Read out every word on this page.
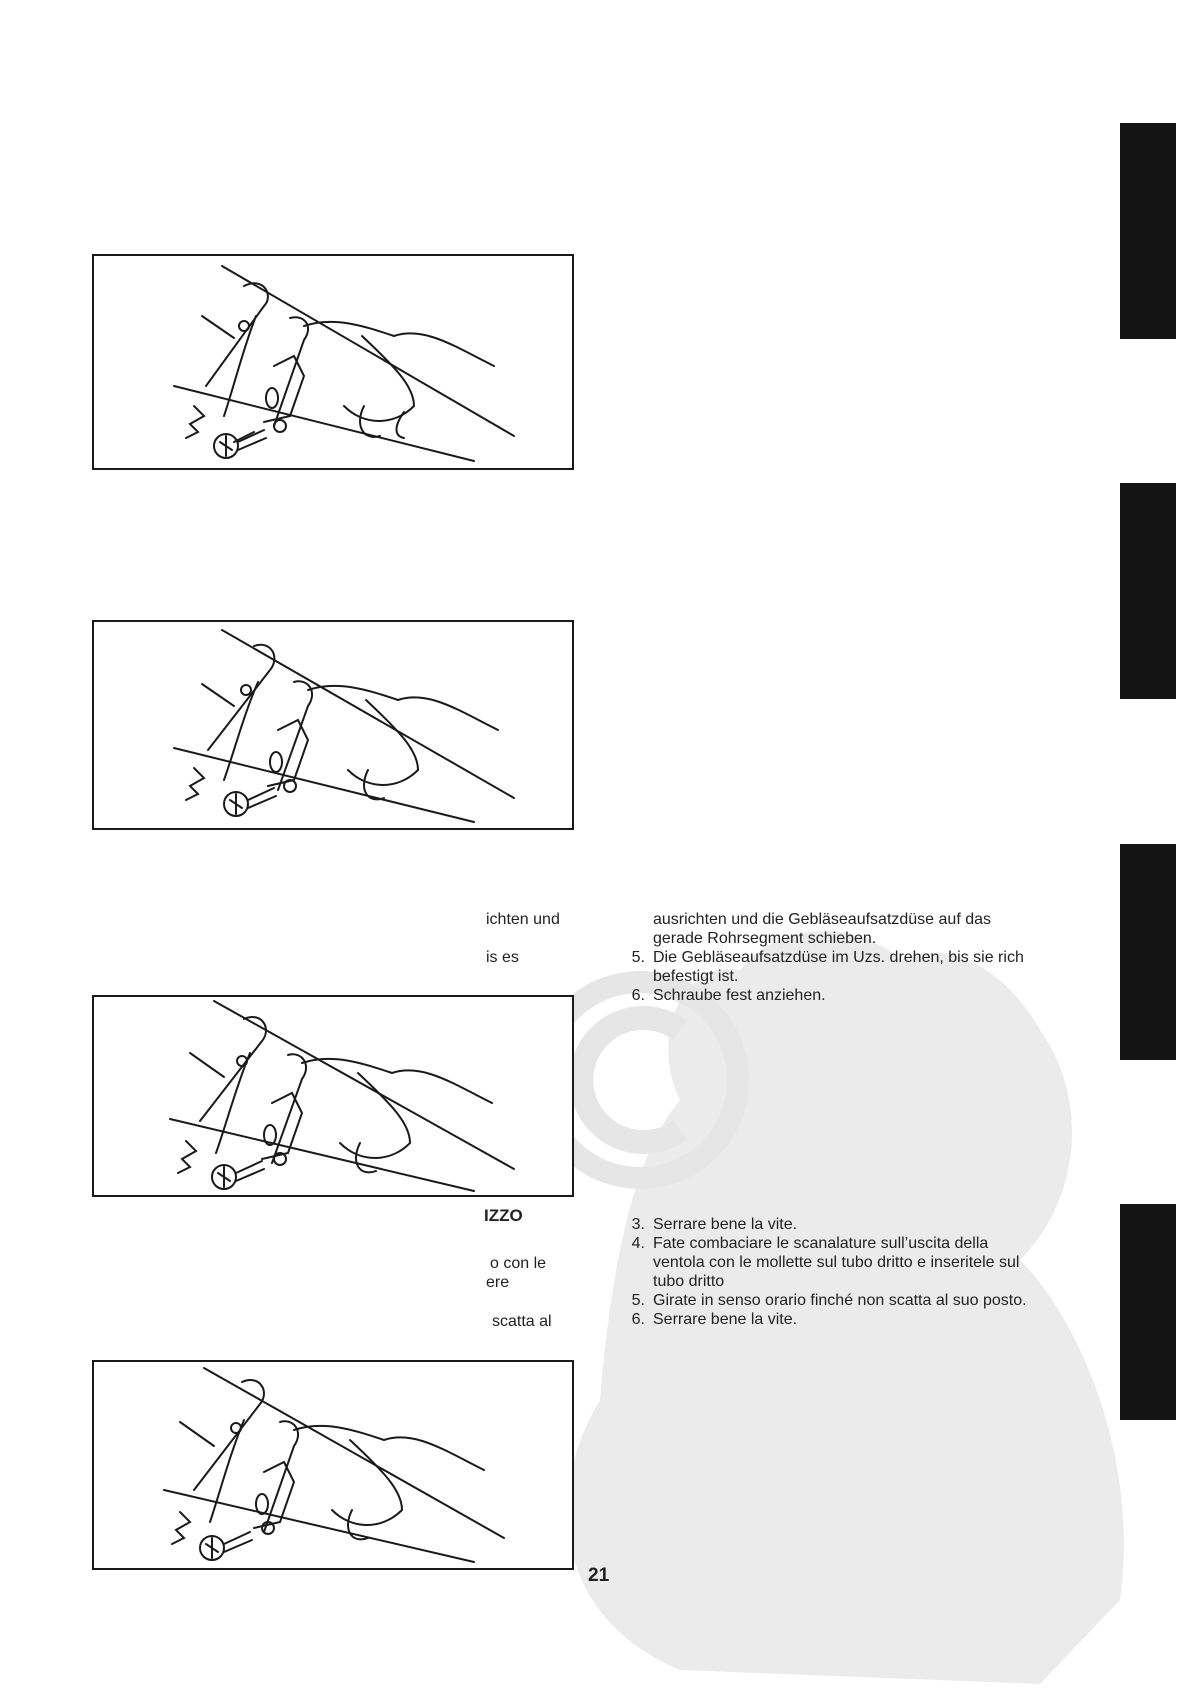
ichten und
is es
IZZO
o con le
ere
scatta al
ausrichten und die Gebläseaufsatzdüse auf das
gerade Rohrsegment schieben.
5. Die Gebläseaufsatzdüse im Uzs. drehen, bis sie rich
befestigt ist.
6. Schraube fest anziehen.
3. Serrare bene la vite.
4. Fate combaciare le scanalature sull’uscita della
ventola con le mollette sul tubo dritto e inseritele sul
tubo dritto
5. Girate in senso orario finché non scatta al suo posto.
6. Serrare bene la vite.
21
